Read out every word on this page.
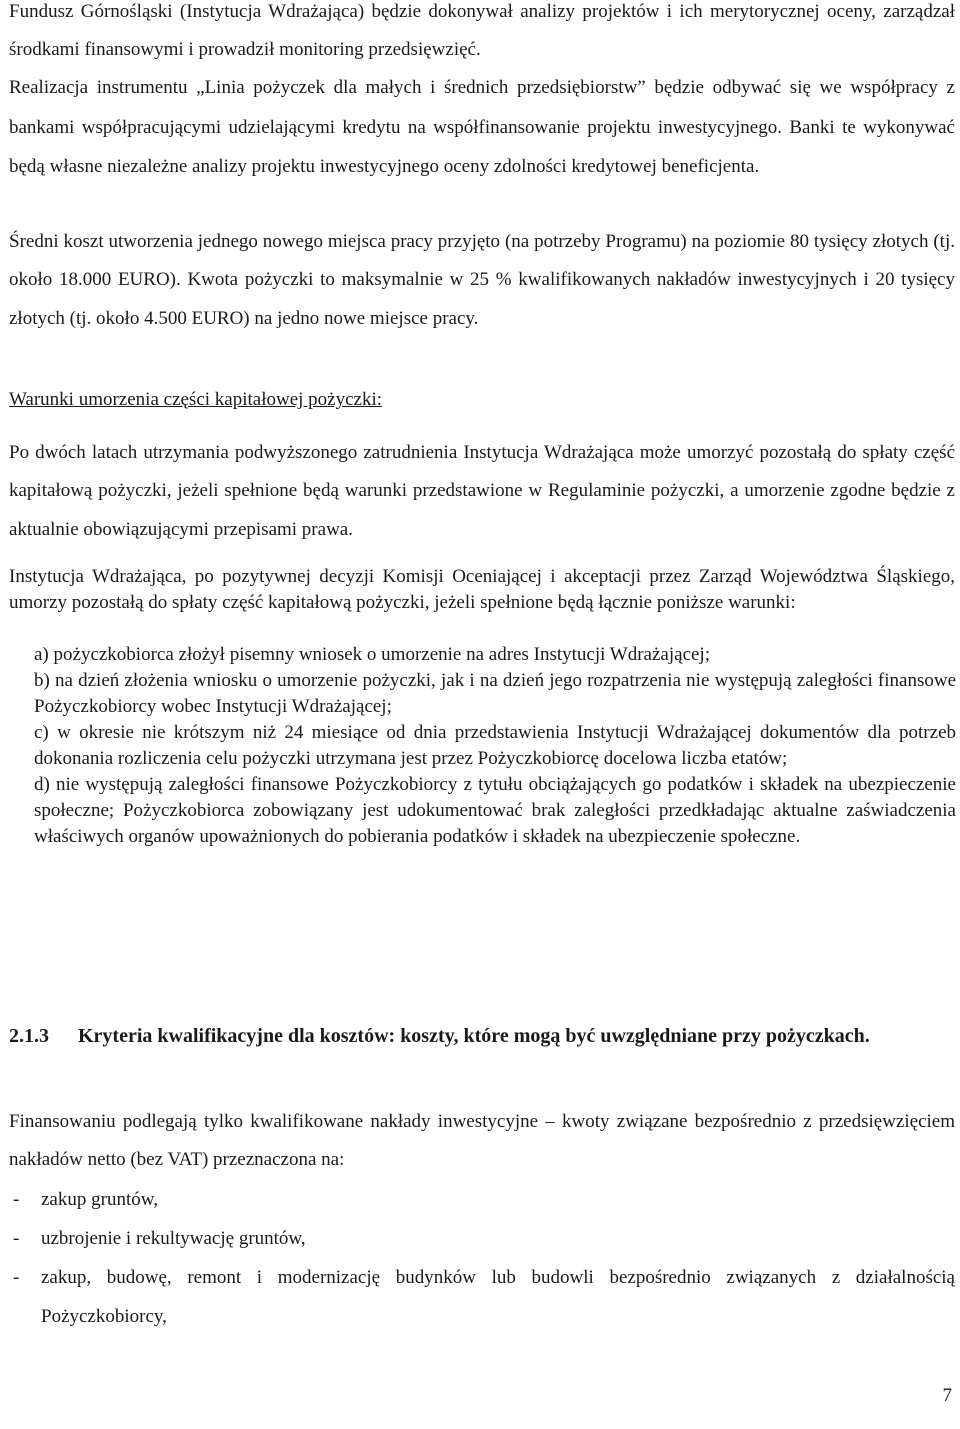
Fundusz Górnośląski (Instytucja Wdrażająca) będzie dokonywał analizy projektów i ich merytorycznej oceny, zarządzał środkami finansowymi i prowadził monitoring przedsięwzięć.

Realizacja instrumentu „Linia pożyczek dla małych i średnich przedsiębiorstw” będzie odbywać się we współpracy z bankami współpracującymi udzielającymi kredytu na współfinansowanie projektu inwestycyjnego. Banki te wykonywać będą własne niezależne analizy projektu inwestycyjnego oceny zdolności kredytowej beneficjenta.

Średni koszt utworzenia jednego nowego miejsca pracy przyjęto (na potrzeby Programu) na poziomie 80 tysięcy złotych (tj. około 18.000 EURO). Kwota pożyczki to maksymalnie w 25 % kwalifikowanych nakładów inwestycyjnych i 20 tysięcy złotych (tj. około 4.500 EURO) na jedno nowe miejsce pracy.

Warunki umorzenia części kapitałowej pożyczki:

Po dwóch latach utrzymania podwyższonego zatrudnienia Instytucja Wdrażająca może umorzyć pozostałą do spłaty część kapitałową pożyczki, jeżeli spełnione będą warunki przedstawione w Regulaminie pożyczki, a umorzenie zgodne będzie z aktualnie obowiązującymi przepisami prawa.

Instytucja Wdrażająca, po pozytywnej decyzji Komisji Oceniającej i akceptacji przez Zarząd Województwa Śląskiego, umorzy pozostałą do spłaty część kapitałową pożyczki, jeżeli spełnione będą łącznie poniższe warunki:

a) pożyczkobiorca złożył pisemny wniosek o umorzenie na adres Instytucji Wdrażającej;
b) na dzień złożenia wniosku o umorzenie pożyczki, jak i na dzień jego rozpatrzenia nie występują zaległości finansowe Pożyczkobiorcy wobec Instytucji Wdrażającej;
c) w okresie nie krótszym niż 24 miesiące od dnia przedstawienia Instytucji Wdrażającej dokumentów dla potrzeb dokonania rozliczenia celu pożyczki utrzymana jest przez Pożyczkobiorcę docelowa liczba etatów;
d) nie występują zaległości finansowe Pożyczkobiorcy z tytułu obciążających go podatków i składek na ubezpieczenie społeczne; Pożyczkobiorca zobowiązany jest udokumentować brak zaległości przedkładając aktualne zaświadczenia właściwych organów upoważnionych do pobierania podatków i składek na ubezpieczenie społeczne.
2.1.3 Kryteria kwalifikacyjne dla kosztów: koszty, które mogą być uwzględniane przy pożyczkach.

Finansowaniu podlegają tylko kwalifikowane nakłady inwestycyjne – kwoty związane bezpośrednio z przedsięwzięciem nakładów netto (bez VAT) przeznaczona na:

- zakup gruntów,
- uzbrojenie i rekultywację gruntów,
- zakup, budowę, remont i modernizację budynków lub budowli bezpośrednio związanych z działalnością Pożyczkobiorcy,
7
